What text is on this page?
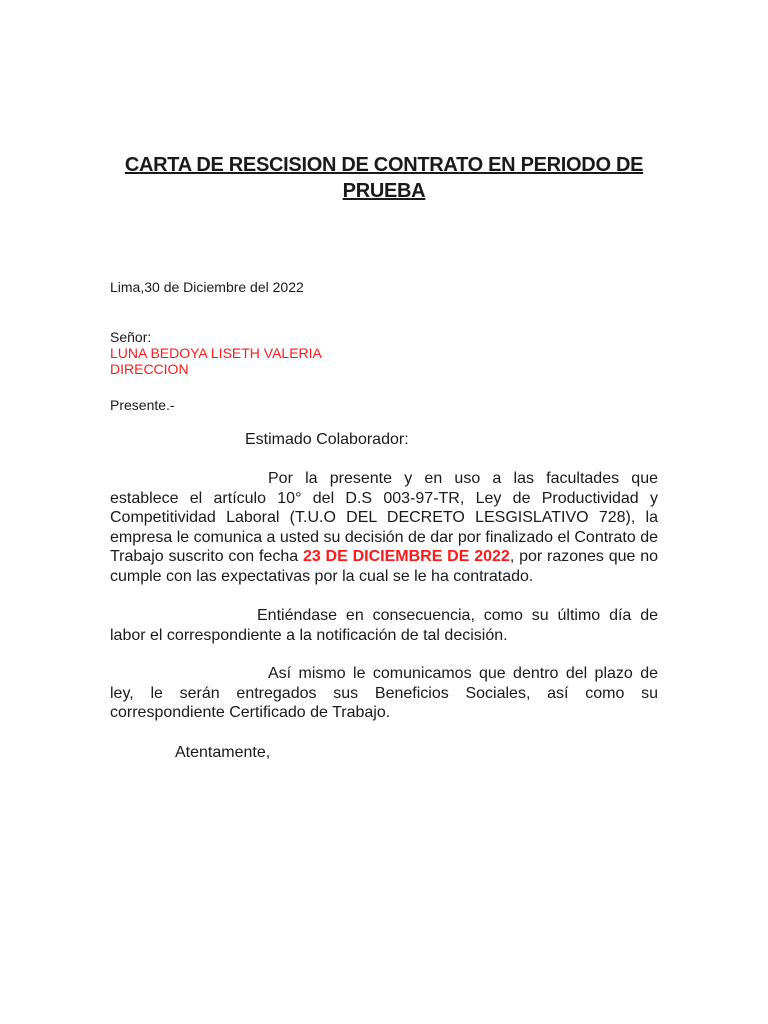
CARTA DE RESCISION DE CONTRATO EN PERIODO DE
PRUEBA
Lima,30 de Diciembre del 2022
Señor:
LUNA BEDOYA LISETH VALERIA
DIRECCION
Presente.-
Estimado Colaborador:
Por la presente y en uso a las facultades que establece el artículo 10° del D.S 003-97-TR, Ley de Productividad y Competitividad Laboral (T.U.O DEL DECRETO LESGISLATIVO 728), la empresa le comunica a usted su decisión de dar por finalizado el Contrato de Trabajo suscrito con fecha 23 DE DICIEMBRE DE 2022, por razones que no cumple con las expectativas por la cual se le ha contratado.
Entiéndase en consecuencia, como su último día de labor el correspondiente a la notificación de tal decisión.
Así mismo le comunicamos que dentro del plazo de ley, le serán entregados sus Beneficios Sociales, así como su correspondiente Certificado de Trabajo.
Atentamente,
